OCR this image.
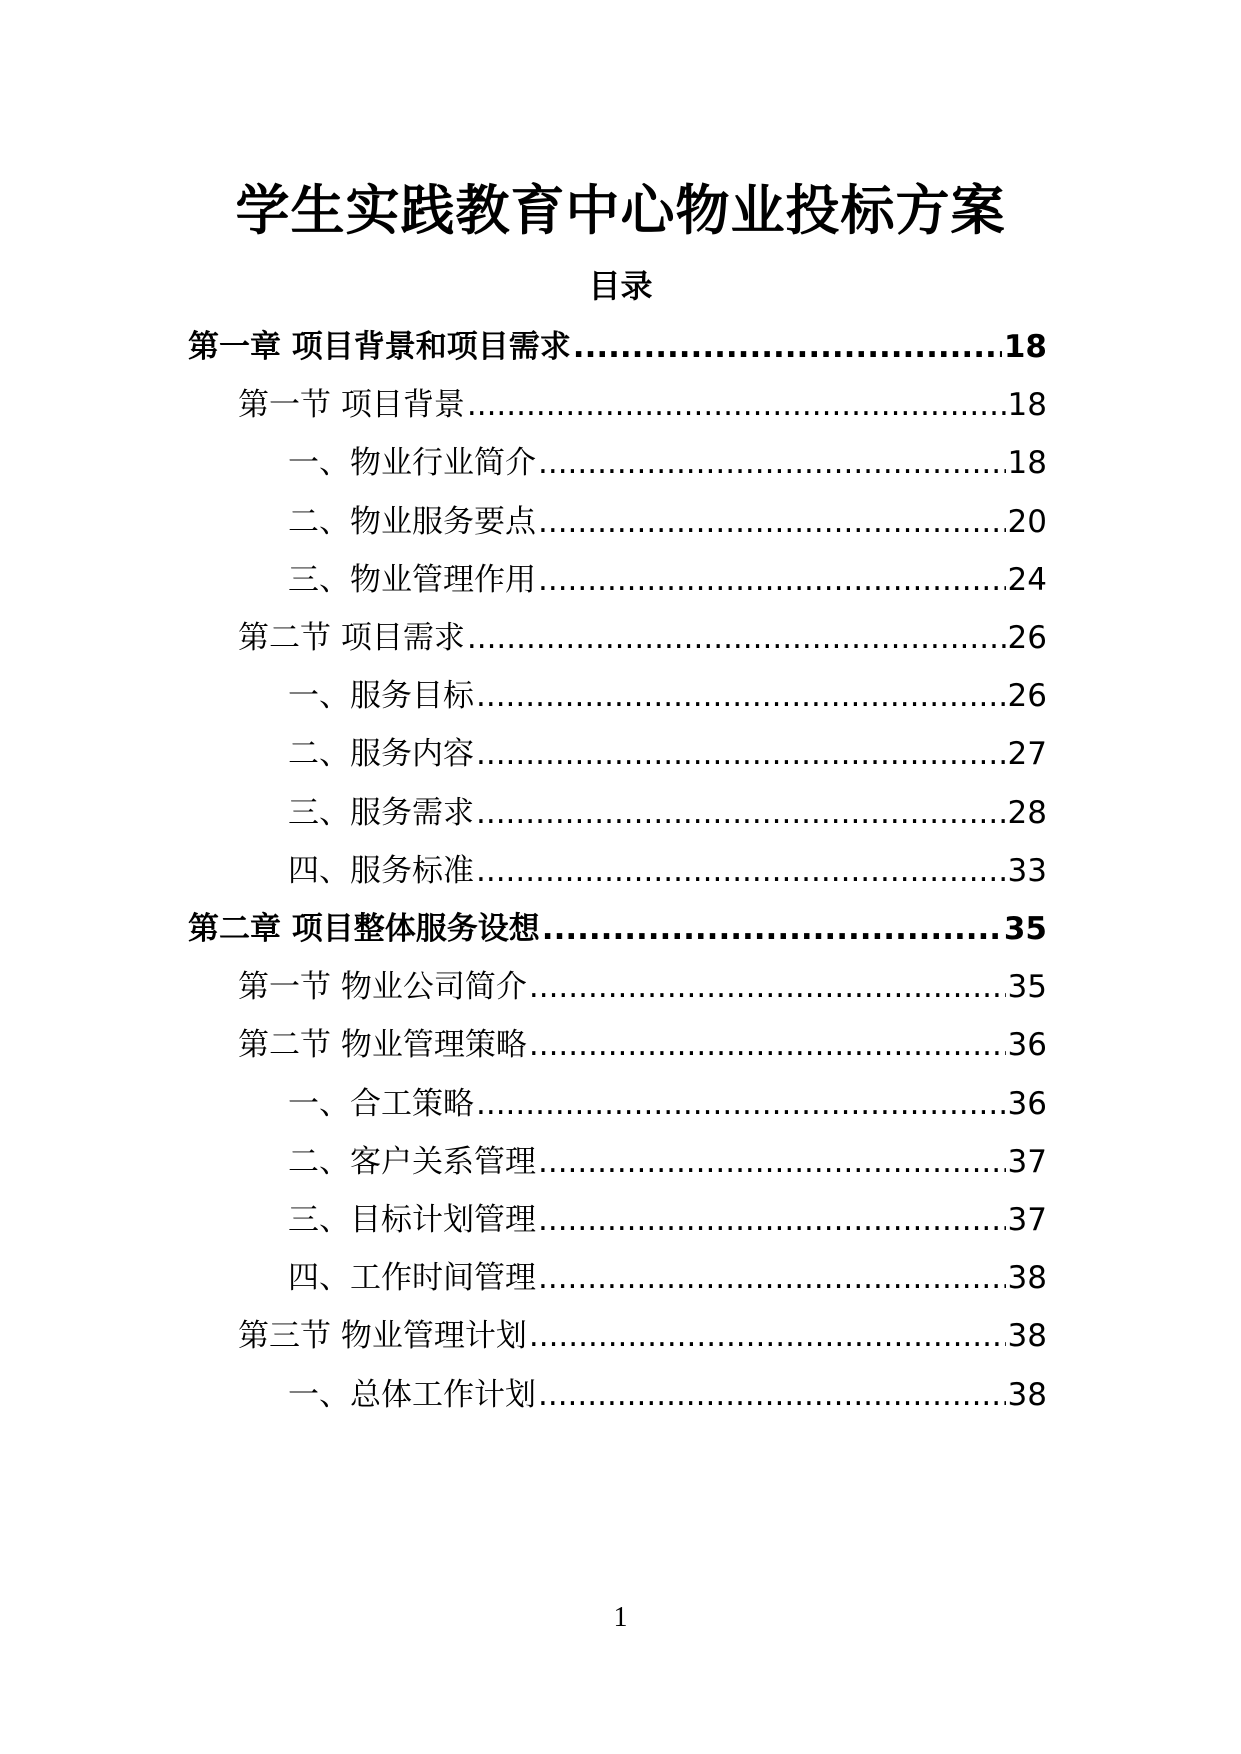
学生实践教育中心物业投标方案
目录
第一章 项目背景和项目需求 .....	18
第一节 项目背景 .....	18
一、物业行业简介 .....	18
二、物业服务要点 .....	20
三、物业管理作用 .....	24
第二节 项目需求 .....	26
一、服务目标 .....	26
二、服务内容 .....	27
三、服务需求 .....	28
四、服务标准 .....	33
第二章 项目整体服务设想 .....	35
第一节 物业公司简介 .....	35
第二节 物业管理策略 .....	36
一、合工策略 .....	36
二、客户关系管理 .....	37
三、目标计划管理 .....	37
四、工作时间管理 .....	38
第三节 物业管理计划 .....	38
一、总体工作计划 .....	38
1
